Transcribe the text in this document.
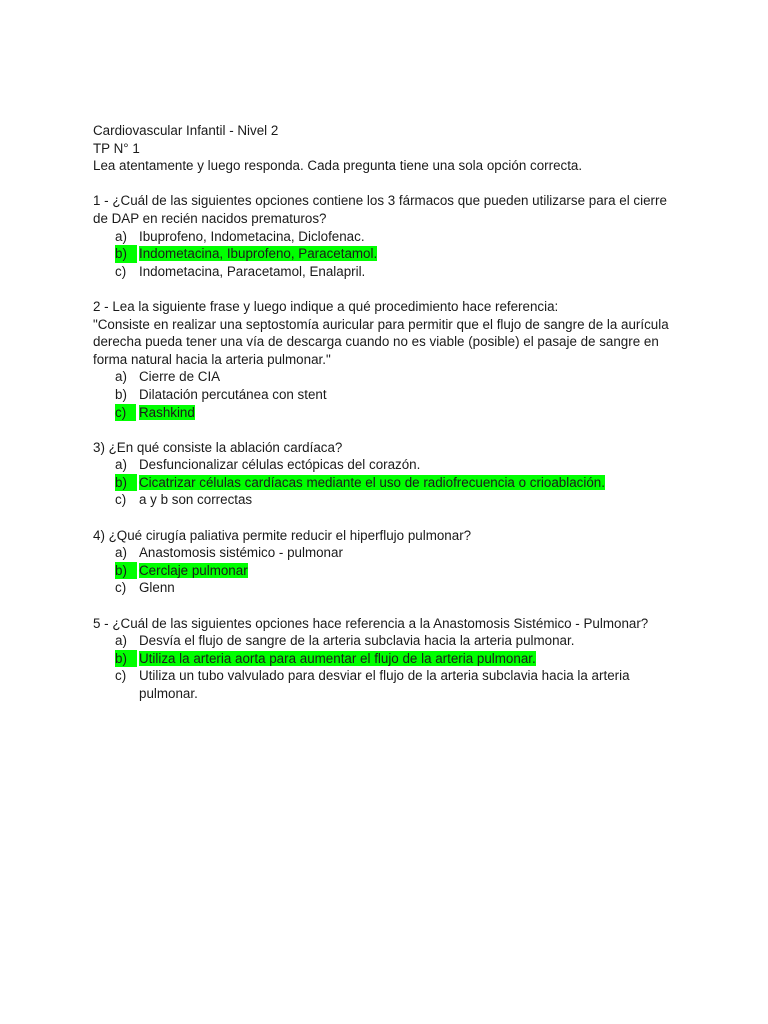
Cardiovascular Infantil - Nivel 2
TP N° 1
Lea atentamente y luego responda. Cada pregunta tiene una sola opción correcta.
1 - ¿Cuál de las siguientes opciones contiene los 3 fármacos que pueden utilizarse para el cierre de DAP en recién nacidos prematuros?
a) Ibuprofeno, Indometacina, Diclofenac.
b) Indometacina, Ibuprofeno, Paracetamol.
c) Indometacina, Paracetamol, Enalapril.
2 - Lea la siguiente frase y luego indique a qué procedimiento hace referencia:
"Consiste en realizar una septostomía auricular para permitir que el flujo de sangre de la aurícula derecha pueda tener una vía de descarga cuando no es viable (posible) el pasaje de sangre en forma natural hacia la arteria pulmonar."
a) Cierre de CIA
b) Dilatación percutánea con stent
c) Rashkind
3) ¿En qué consiste la ablación cardíaca?
a) Desfuncionalizar células ectópicas del corazón.
b) Cicatrizar células cardíacas mediante el uso de radiofrecuencia o crioablación.
c) a y b son correctas
4) ¿Qué cirugía paliativa permite reducir el hiperflujo pulmonar?
a) Anastomosis sistémico - pulmonar
b) Cerclaje pulmonar
c) Glenn
5 - ¿Cuál de las siguientes opciones hace referencia a la Anastomosis Sistémico - Pulmonar?
a) Desvía el flujo de sangre de la arteria subclavia hacia la arteria pulmonar.
b) Utiliza la arteria aorta para aumentar el flujo de la arteria pulmonar.
c) Utiliza un tubo valvulado para desviar el flujo de la arteria subclavia hacia la arteria pulmonar.
